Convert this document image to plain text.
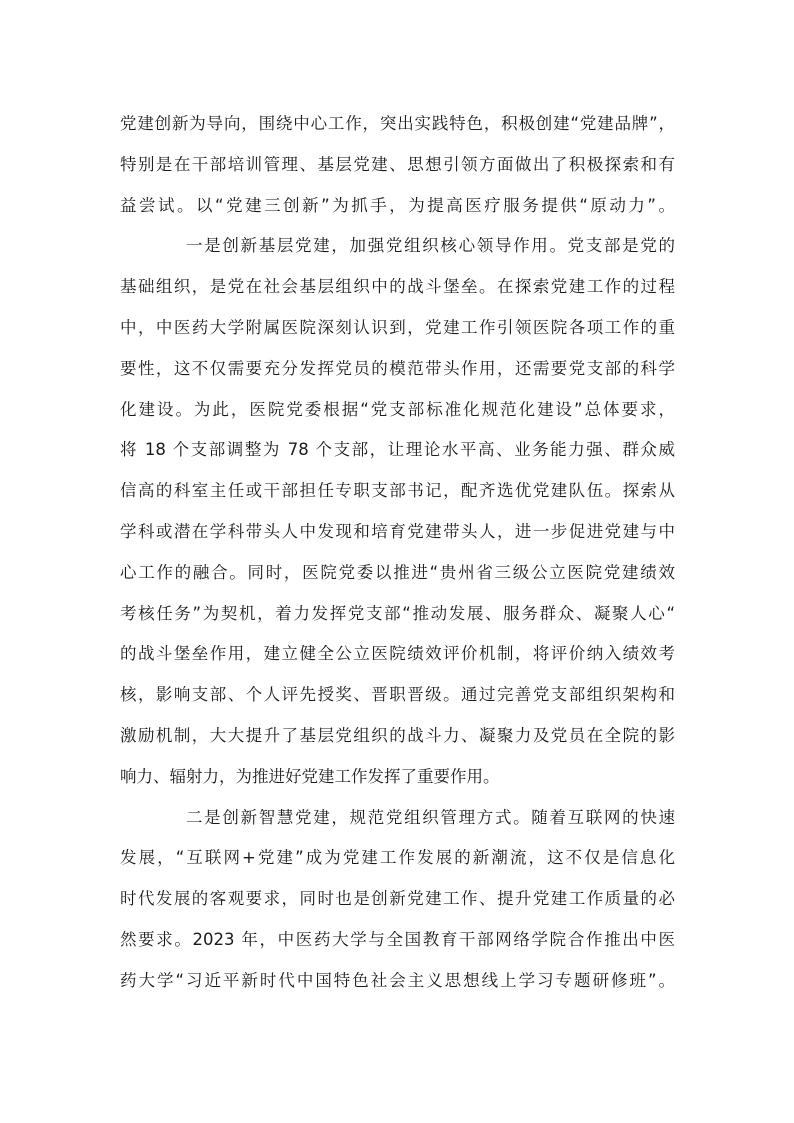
党建创新为导向，围绕中心工作，突出实践特色，积极创建“党建品牌”，
特别是在干部培训管理、基层党建、思想引领方面做出了积极探索和有
益尝试。以“党建三创新”为抓手，为提高医疗服务提供“原动力”。
一是创新基层党建，加强党组织核心领导作用。党支部是党的
基础组织，是党在社会基层组织中的战斗堡垒。在探索党建工作的过程
中，中医药大学附属医院深刻认识到，党建工作引领医院各项工作的重
要性，这不仅需要充分发挥党员的模范带头作用，还需要党支部的科学
化建设。为此，医院党委根据“党支部标准化规范化建设”总体要求，
将 18 个支部调整为 78 个支部，让理论水平高、业务能力强、群众威
信高的科室主任或干部担任专职支部书记，配齐选优党建队伍。探索从
学科或潜在学科带头人中发现和培育党建带头人，进一步促进党建与中
心工作的融合。同时，医院党委以推进“贵州省三级公立医院党建绩效
考核任务”为契机，着力发挥党支部“推动发展、服务群众、凝聚人心“
的战斗堡垒作用，建立健全公立医院绩效评价机制，将评价纳入绩效考
核，影响支部、个人评先授奖、晋职晋级。通过完善党支部组织架构和
激励机制，大大提升了基层党组织的战斗力、凝聚力及党员在全院的影
响力、辐射力，为推进好党建工作发挥了重要作用。
二是创新智慧党建，规范党组织管理方式。随着互联网的快速
发展，“互联网+党建”成为党建工作发展的新潮流，这不仅是信息化
时代发展的客观要求，同时也是创新党建工作、提升党建工作质量的必
然要求。2023 年，中医药大学与全国教育干部网络学院合作推出中医
药大学“习近平新时代中国特色社会主义思想线上学习专题研修班”。
